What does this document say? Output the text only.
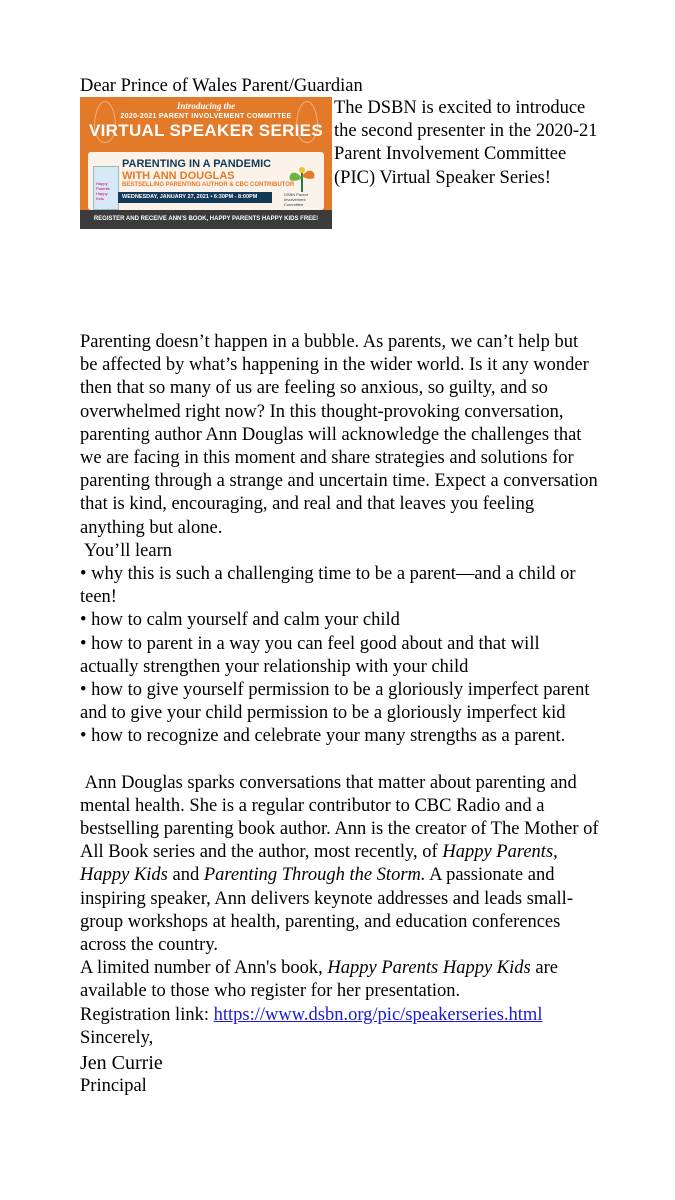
Dear Prince of Wales Parent/Guardian
Introducing the
2020-2021 PARENT INVOLVEMENT COMMITTEE
VIRTUAL SPEAKER SERIES
Happy Parents Happy Kids
PARENTING IN A PANDEMIC
WITH ANN DOUGLAS
BESTSELLING PARENTING AUTHOR & CBC CONTRIBUTOR
WEDNESDAY, JANUARY 27, 2021 • 6:30PM - 8:00PM	DSBN Parent Involvement Committee
REGISTER AND RECEIVE ANN'S BOOK, HAPPY PARENTS HAPPY KIDS FREE!
The DSBN is excited to introduce the second presenter in the 2020-21 Parent Involvement Committee (PIC) Virtual Speaker Series!

Parenting doesn’t happen in a bubble. As parents, we can’t help but be affected by what’s happening in the wider world. Is it any wonder then that so many of us are feeling so anxious, so guilty, and so overwhelmed right now? In this thought-provoking conversation, parenting author Ann Douglas will acknowledge the challenges that we are facing in this moment and share strategies and solutions for parenting through a strange and uncertain time. Expect a conversation that is kind, encouraging, and real and that leaves you feeling anything but alone.

You’ll learn

• why this is such a challenging time to be a parent—and a child or teen!

• how to calm yourself and calm your child

• how to parent in a way you can feel good about and that will actually strengthen your relationship with your child

• how to give yourself permission to be a gloriously imperfect parent and to give your child permission to be a gloriously imperfect kid

• how to recognize and celebrate your many strengths as a parent.

Ann Douglas sparks conversations that matter about parenting and mental health. She is a regular contributor to CBC Radio and a bestselling parenting book author. Ann is the creator of The Mother of All Book series and the author, most recently, of Happy Parents, Happy Kids and Parenting Through the Storm. A passionate and inspiring speaker, Ann delivers keynote addresses and leads small-group workshops at health, parenting, and education conferences across the country.

A limited number of Ann's book, Happy Parents Happy Kids are available to those who register for her presentation.

Registration link: https://www.dsbn.org/pic/speakerseries.html

Sincerely,

Jen Currie

Principal
